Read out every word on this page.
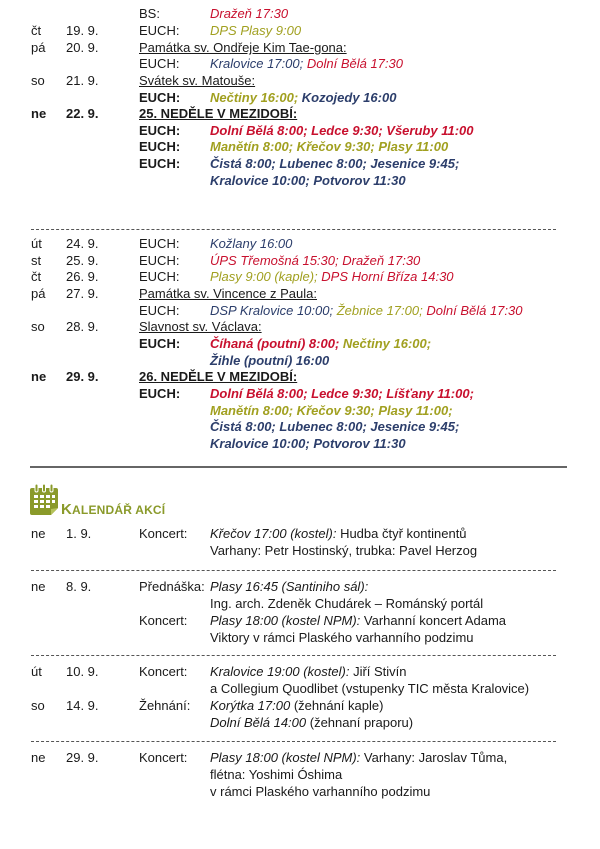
BS:	Dražeň 17:30
čt 19. 9.	EUCH: DPS Plasy 9:00
pá 20. 9.	Památka sv. Ondřeje Kim Tae-gona:
EUCH: Kralovice 17:00; Dolní Bělá 17:30
so 21. 9.	Svátek sv. Matouše:
EUCH: Nečtiny 16:00; Kozojedy 16:00
ne 22. 9.	25. NEDĚLE V MEZIDOBÍ:
EUCH: Dolní Bělá 8:00; Ledce 9:30; Všeruby 11:00
EUCH: Manětín 8:00; Křečov 9:30; Plasy 11:00
EUCH: Čistá 8:00; Lubenec 8:00; Jesenice 9:45;
Kralovice 10:00; Potvorov 11:30
út 24. 9.	EUCH: Kožlany 16:00
st 25. 9.	EUCH: ÚPS Třemošná 15:30; Dražeň 17:30
čt 26. 9.	EUCH: Plasy 9:00 (kaple); DPS Horní Bříza 14:30
pá 27. 9.	Památka sv. Vincence z Paula:
EUCH: DSP Kralovice 10:00; Žebnice 17:00; Dolní Bělá 17:30
so 28. 9.	Slavnost sv. Václava:
EUCH: Číhaná (poutní) 8:00; Nečtiny 16:00;
Žihle (poutní) 16:00
ne 29. 9.	26. NEDĚLE V MEZIDOBÍ:
EUCH: Dolní Bělá 8:00; Ledce 9:30; Líšťany 11:00;
Manětín 8:00; Křečov 9:30; Plasy 11:00;
Čistá 8:00; Lubenec 8:00; Jesenice 9:45;
Kralovice 10:00; Potvorov 11:30
KALENDÁŘ AKCÍ
ne 1. 9.	Koncert: Křečov 17:00 (kostel): Hudba čtyř kontinentů
Varhany: Petr Hostinský, trubka: Pavel Herzog
ne 8. 9.	Přednáška: Plasy 16:45 (Santiniho sál):
Ing. arch. Zdeněk Chudárek – Románský portál
Koncert: Plasy 18:00 (kostel NPM): Varhanní koncert Adama
Viktory v rámci Plaského varhanního podzimu
út 10. 9.	Koncert: Kralovice 19:00 (kostel): Jiří Stivín
a Collegium Quodlibet (vstupenky TIC města Kralovice)
so 14. 9.	Žehnání: Korýtka 17:00 (žehnání kaple)
Dolní Bělá 14:00 (žehnaní praporu)
ne 29. 9.	Koncert: Plasy 18:00 (kostel NPM): Varhany: Jaroslav Tůma,
flétna: Yoshimi Óshima
v rámci Plaského varhanního podzimu
